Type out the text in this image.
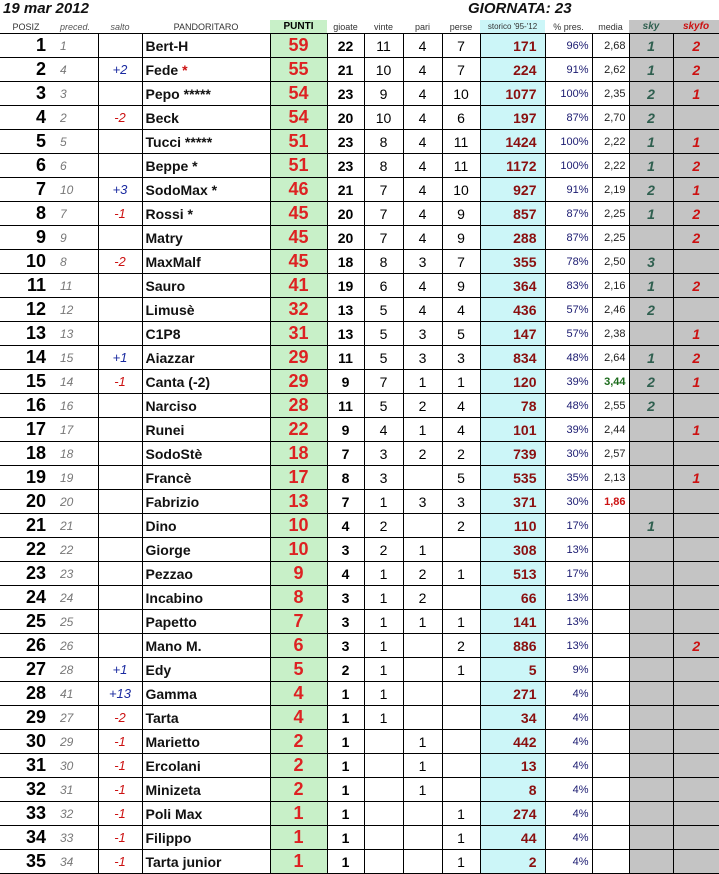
19 mar 2012	GIORNATA: 23
POSIZ	preced.	salto	PANDORITARO	PUNTI	gioate	vinte	pari	perse	storico '95-'12	% pres.	media	sky	skyfo
1	1		Bert-H	59	22	11	4	7	171	96%	2,68	1	2
2	4	+2	Fede *	55	21	10	4	7	224	91%	2,62	1	2
3	3		Pepo *****	54	23	9	4	10	1077	100%	2,35	2	1
4	2	-2	Beck	54	20	10	4	6	197	87%	2,70	2	
5	5		Tucci *****	51	23	8	4	11	1424	100%	2,22	1	1
6	6		Beppe *	51	23	8	4	11	1172	100%	2,22	1	2
7	10	+3	SodoMax *	46	21	7	4	10	927	91%	2,19	2	1
8	7	-1	Rossi *	45	20	7	4	9	857	87%	2,25	1	2
9	9		Matry	45	20	7	4	9	288	87%	2,25		2
10	8	-2	MaxMalf	45	18	8	3	7	355	78%	2,50	3	
11	11		Sauro	41	19	6	4	9	364	83%	2,16	1	2
12	12		Limusè	32	13	5	4	4	436	57%	2,46	2	
13	13		C1P8	31	13	5	3	5	147	57%	2,38		1
14	15	+1	Aiazzar	29	11	5	3	3	834	48%	2,64	1	2
15	14	-1	Canta (-2)	29	9	7	1	1	120	39%	3,44	2	1
16	16		Narciso	28	11	5	2	4	78	48%	2,55	2	
17	17		Runei	22	9	4	1	4	101	39%	2,44		1
18	18		SodoStè	18	7	3	2	2	739	30%	2,57		
19	19		Francè	17	8	3		5	535	35%	2,13		1
20	20		Fabrizio	13	7	1	3	3	371	30%	1,86		
21	21		Dino	10	4	2		2	110	17%		1	
22	22		Giorge	10	3	2	1		308	13%			
23	23		Pezzao	9	4	1	2	1	513	17%			
24	24		Incabino	8	3	1	2		66	13%			
25	25		Papetto	7	3	1	1	1	141	13%			
26	26		Mano M.	6	3	1		2	886	13%			2
27	28	+1	Edy	5	2	1		1	5	9%			
28	41	+13	Gamma	4	1	1			271	4%			
29	27	-2	Tarta	4	1	1			34	4%			
30	29	-1	Marietto	2	1		1		442	4%			
31	30	-1	Ercolani	2	1		1		13	4%			
32	31	-1	Minizeta	2	1		1		8	4%			
33	32	-1	Poli Max	1	1			1	274	4%			
34	33	-1	Filippo	1	1			1	44	4%			
35	34	-1	Tarta junior	1	1			1	2	4%			
